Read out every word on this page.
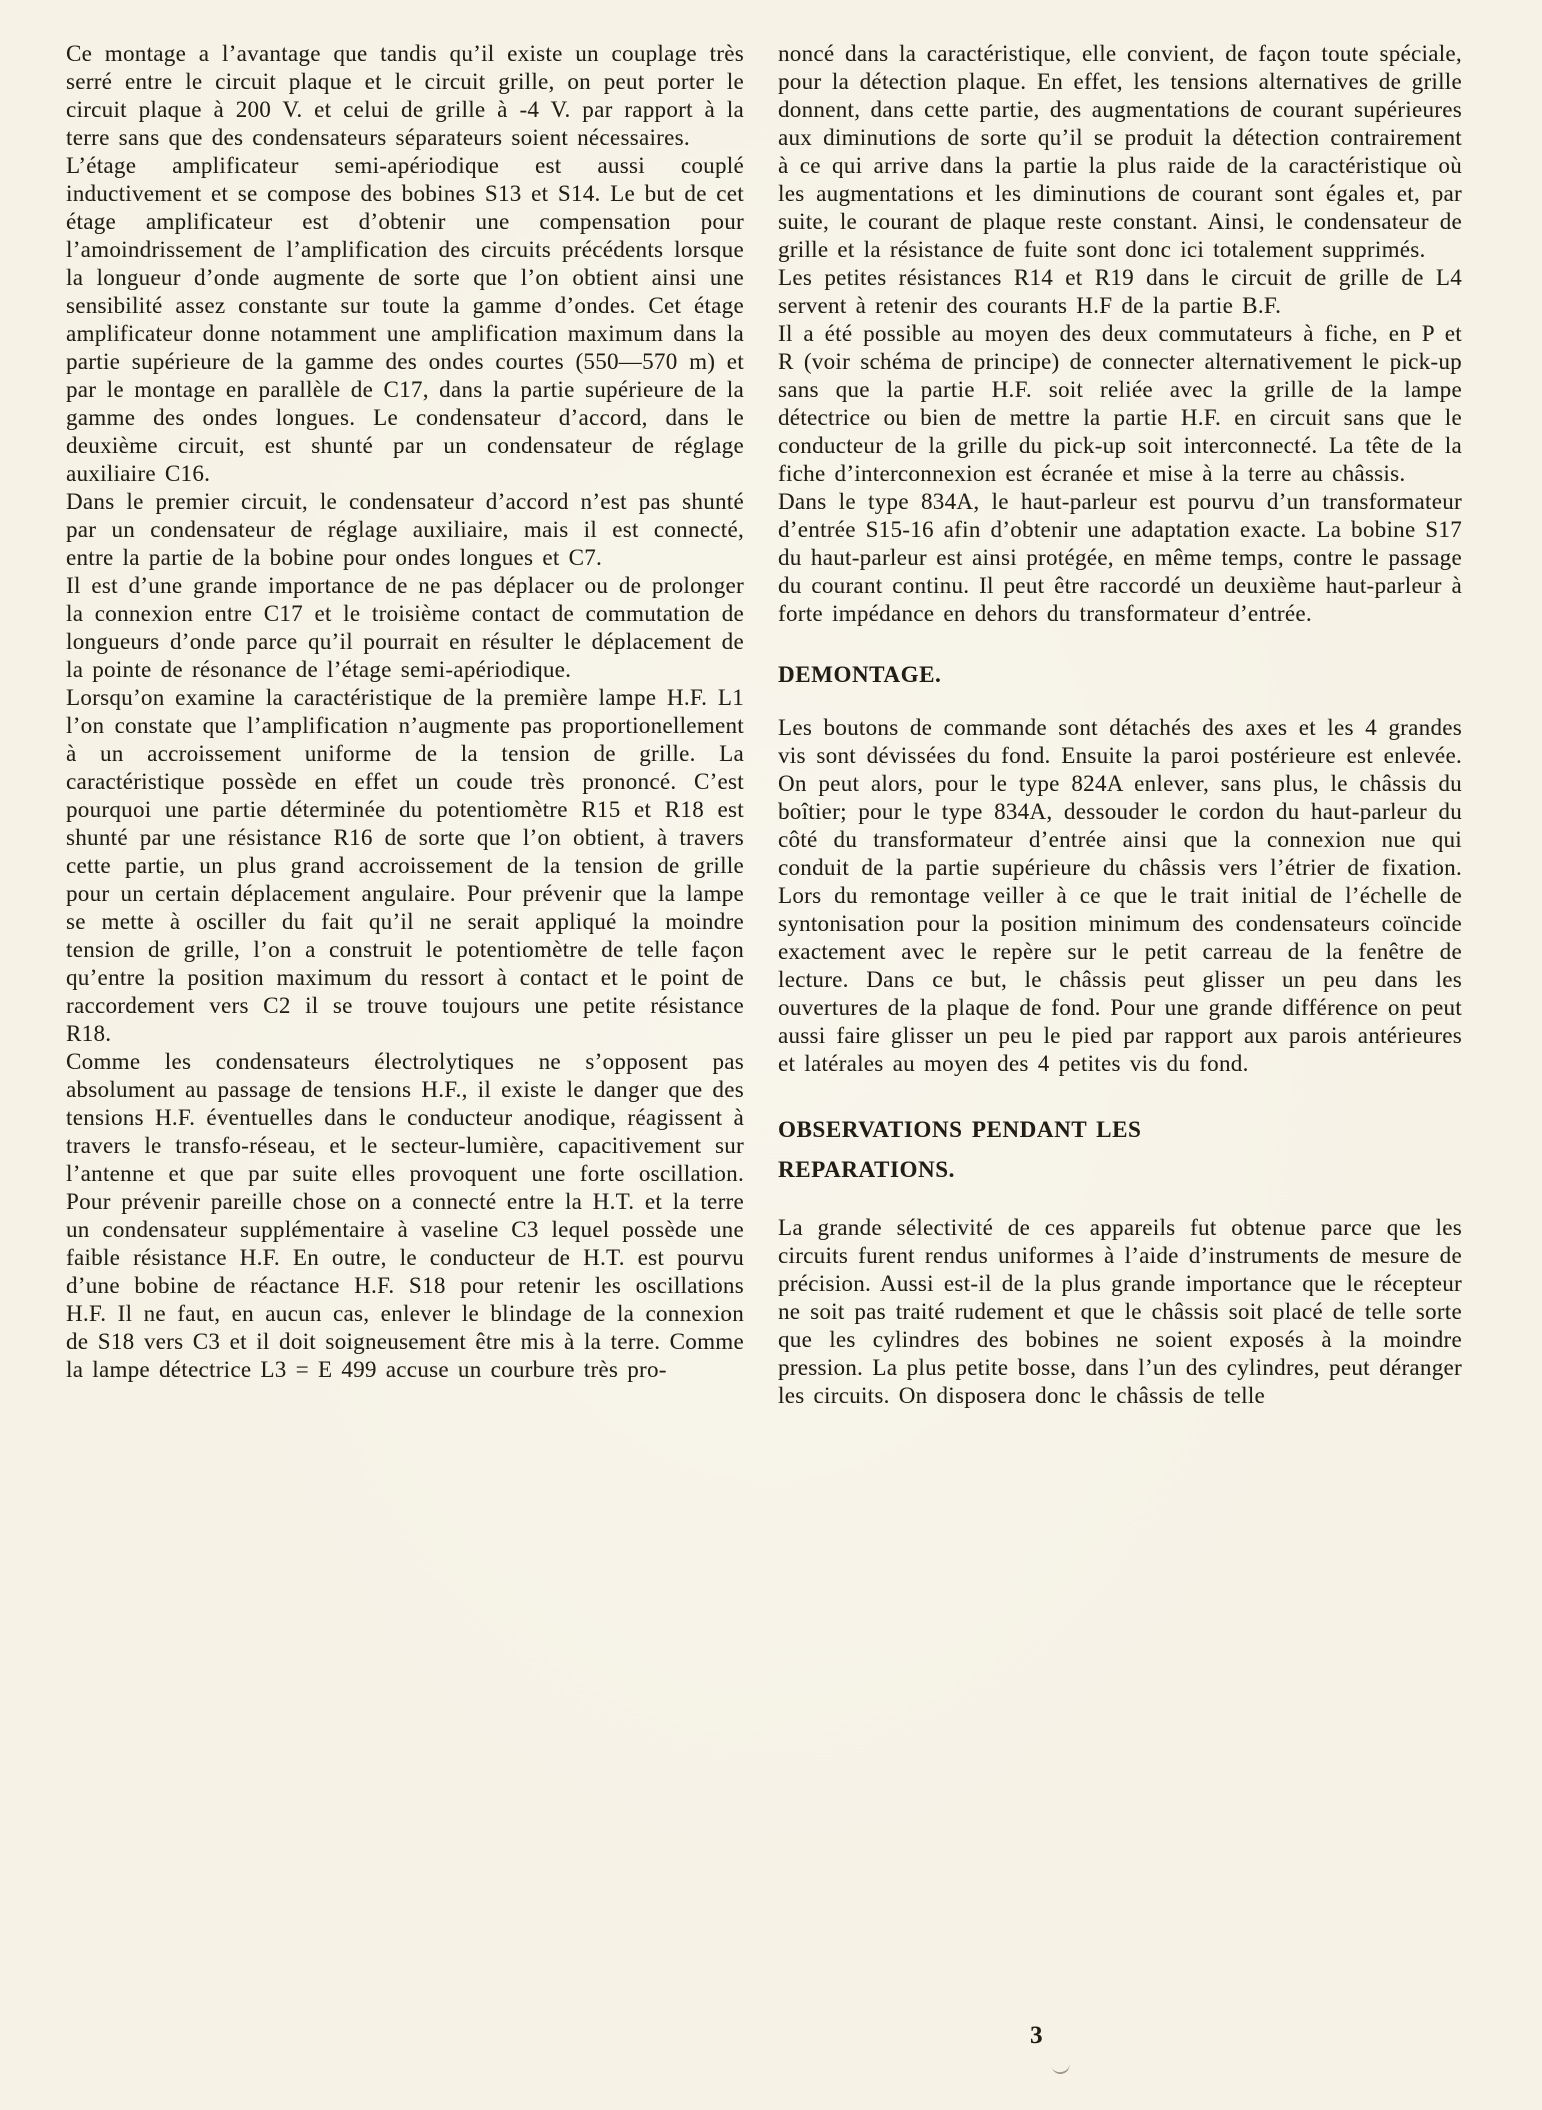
Ce montage a l’avantage que tandis qu’il existe un couplage très serré entre le circuit plaque et le circuit grille, on peut porter le circuit plaque à 200 V. et celui de grille à -4 V. par rapport à la terre sans que des condensateurs séparateurs soient nécessaires.

L’étage amplificateur semi-apériodique est aussi couplé inductivement et se compose des bobines S13 et S14. Le but de cet étage amplificateur est d’obtenir une compensation pour l’amoindrissement de l’amplification des circuits précédents lorsque la longueur d’onde augmente de sorte que l’on obtient ainsi une sensibilité assez constante sur toute la gamme d’ondes. Cet étage amplificateur donne notamment une amplification maximum dans la partie supérieure de la gamme des ondes courtes (550—570 m) et par le montage en parallèle de C17, dans la partie supérieure de la gamme des ondes longues. Le condensateur d’accord, dans le deuxième circuit, est shunté par un condensateur de réglage auxiliaire C16.

Dans le premier circuit, le condensateur d’accord n’est pas shunté par un condensateur de réglage auxiliaire, mais il est connecté, entre la partie de la bobine pour ondes longues et C7.

Il est d’une grande importance de ne pas déplacer ou de prolonger la connexion entre C17 et le troisième contact de commutation de longueurs d’onde parce qu’il pourrait en résulter le déplacement de la pointe de résonance de l’étage semi-apériodique.

Lorsqu’on examine la caractéristique de la première lampe H.F. L1 l’on constate que l’amplification n’augmente pas proportionellement à un accroissement uniforme de la tension de grille. La caractéristique possède en effet un coude très prononcé. C’est pourquoi une partie déterminée du potentiomètre R15 et R18 est shunté par une résistance R16 de sorte que l’on obtient, à travers cette partie, un plus grand accroissement de la tension de grille pour un certain déplacement angulaire. Pour prévenir que la lampe se mette à osciller du fait qu’il ne serait appliqué la moindre tension de grille, l’on a construit le potentiomètre de telle façon qu’entre la position maximum du ressort à contact et le point de raccordement vers C2 il se trouve toujours une petite résistance R18.

Comme les condensateurs électrolytiques ne s’opposent pas absolument au passage de tensions H.F., il existe le danger que des tensions H.F. éventuelles dans le conducteur anodique, réagissent à travers le transfo-réseau, et le secteur-lumière, capacitivement sur l’antenne et que par suite elles provoquent une forte oscillation. Pour prévenir pareille chose on a connecté entre la H.T. et la terre un condensateur supplémentaire à vaseline C3 lequel possède une faible résistance H.F. En outre, le conducteur de H.T. est pourvu d’une bobine de réactance H.F. S18 pour retenir les oscillations H.F. Il ne faut, en aucun cas, enlever le blindage de la connexion de S18 vers C3 et il doit soigneusement être mis à la terre. Comme la lampe détectrice L3 = E 499 accuse un courbure très pro-

noncé dans la caractéristique, elle convient, de façon toute spéciale, pour la détection plaque. En effet, les tensions alternatives de grille donnent, dans cette partie, des augmentations de courant supérieures aux diminutions de sorte qu’il se produit la détection contrairement à ce qui arrive dans la partie la plus raide de la caractéristique où les augmentations et les diminutions de courant sont égales et, par suite, le courant de plaque reste constant. Ainsi, le condensateur de grille et la résistance de fuite sont donc ici totalement supprimés.

Les petites résistances R14 et R19 dans le circuit de grille de L4 servent à retenir des courants H.F de la partie B.F.

Il a été possible au moyen des deux commutateurs à fiche, en P et R (voir schéma de principe) de connecter alternativement le pick-up sans que la partie H.F. soit reliée avec la grille de la lampe détectrice ou bien de mettre la partie H.F. en circuit sans que le conducteur de la grille du pick-up soit interconnecté. La tête de la fiche d’interconnexion est écranée et mise à la terre au châssis.

Dans le type 834A, le haut-parleur est pourvu d’un transformateur d’entrée S15-16 afin d’obtenir une adaptation exacte. La bobine S17 du haut-parleur est ainsi protégée, en même temps, contre le passage du courant continu. Il peut être raccordé un deuxième haut-parleur à forte impédance en dehors du transformateur d’entrée.

DEMONTAGE.

Les boutons de commande sont détachés des axes et les 4 grandes vis sont dévissées du fond. Ensuite la paroi postérieure est enlevée. On peut alors, pour le type 824A enlever, sans plus, le châssis du boîtier; pour le type 834A, dessouder le cordon du haut-parleur du côté du transformateur d’entrée ainsi que la connexion nue qui conduit de la partie supérieure du châssis vers l’étrier de fixation. Lors du remontage veiller à ce que le trait initial de l’échelle de syntonisation pour la position minimum des condensateurs coïncide exactement avec le repère sur le petit carreau de la fenêtre de lecture. Dans ce but, le châssis peut glisser un peu dans les ouvertures de la plaque de fond. Pour une grande différence on peut aussi faire glisser un peu le pied par rapport aux parois antérieures et latérales au moyen des 4 petites vis du fond.

OBSERVATIONS PENDANT LES REPARATIONS.

La grande sélectivité de ces appareils fut obtenue parce que les circuits furent rendus uniformes à l’aide d’instruments de mesure de précision. Aussi est-il de la plus grande importance que le récepteur ne soit pas traité rudement et que le châssis soit placé de telle sorte que les cylindres des bobines ne soient exposés à la moindre pression. La plus petite bosse, dans l’un des cylindres, peut déranger les circuits. On disposera donc le châssis de telle

3
